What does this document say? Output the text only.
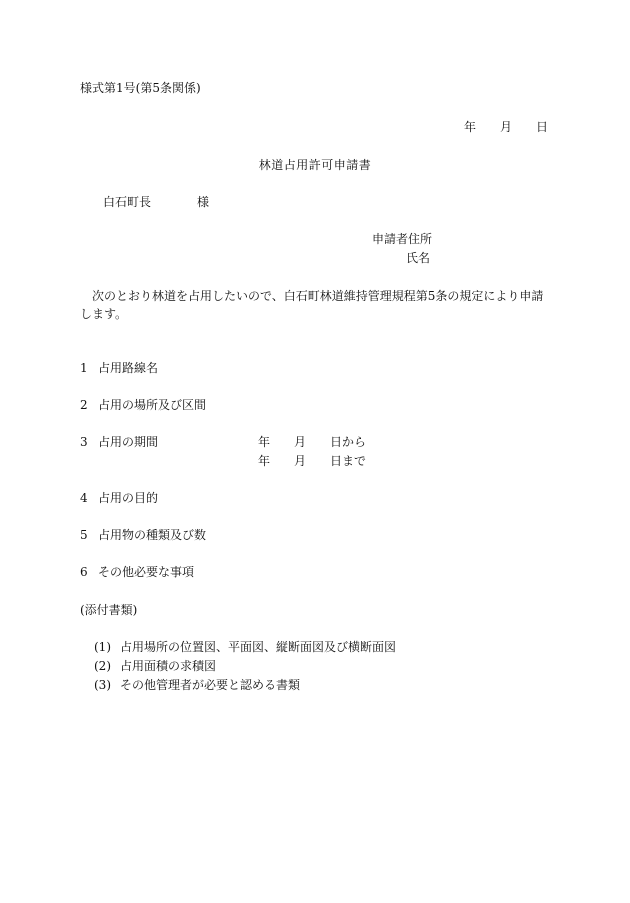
様式第1号(第5条関係)
年 月 日
林道占用許可申請書
白石町長	様
申請者住所
氏名
次のとおり林道を占用したいので、白石町林道維持管理規程第5条の規定により申請します。
1 占用路線名
2 占用の場所及び区間
3 占用の期間	年 月 日から
年 月 日まで
4 占用の目的
5 占用物の種類及び数
6 その他必要な事項
(添付書類)
(1) 占用場所の位置図、平面図、縦断面図及び横断面図
(2) 占用面積の求積図
(3) その他管理者が必要と認める書類
